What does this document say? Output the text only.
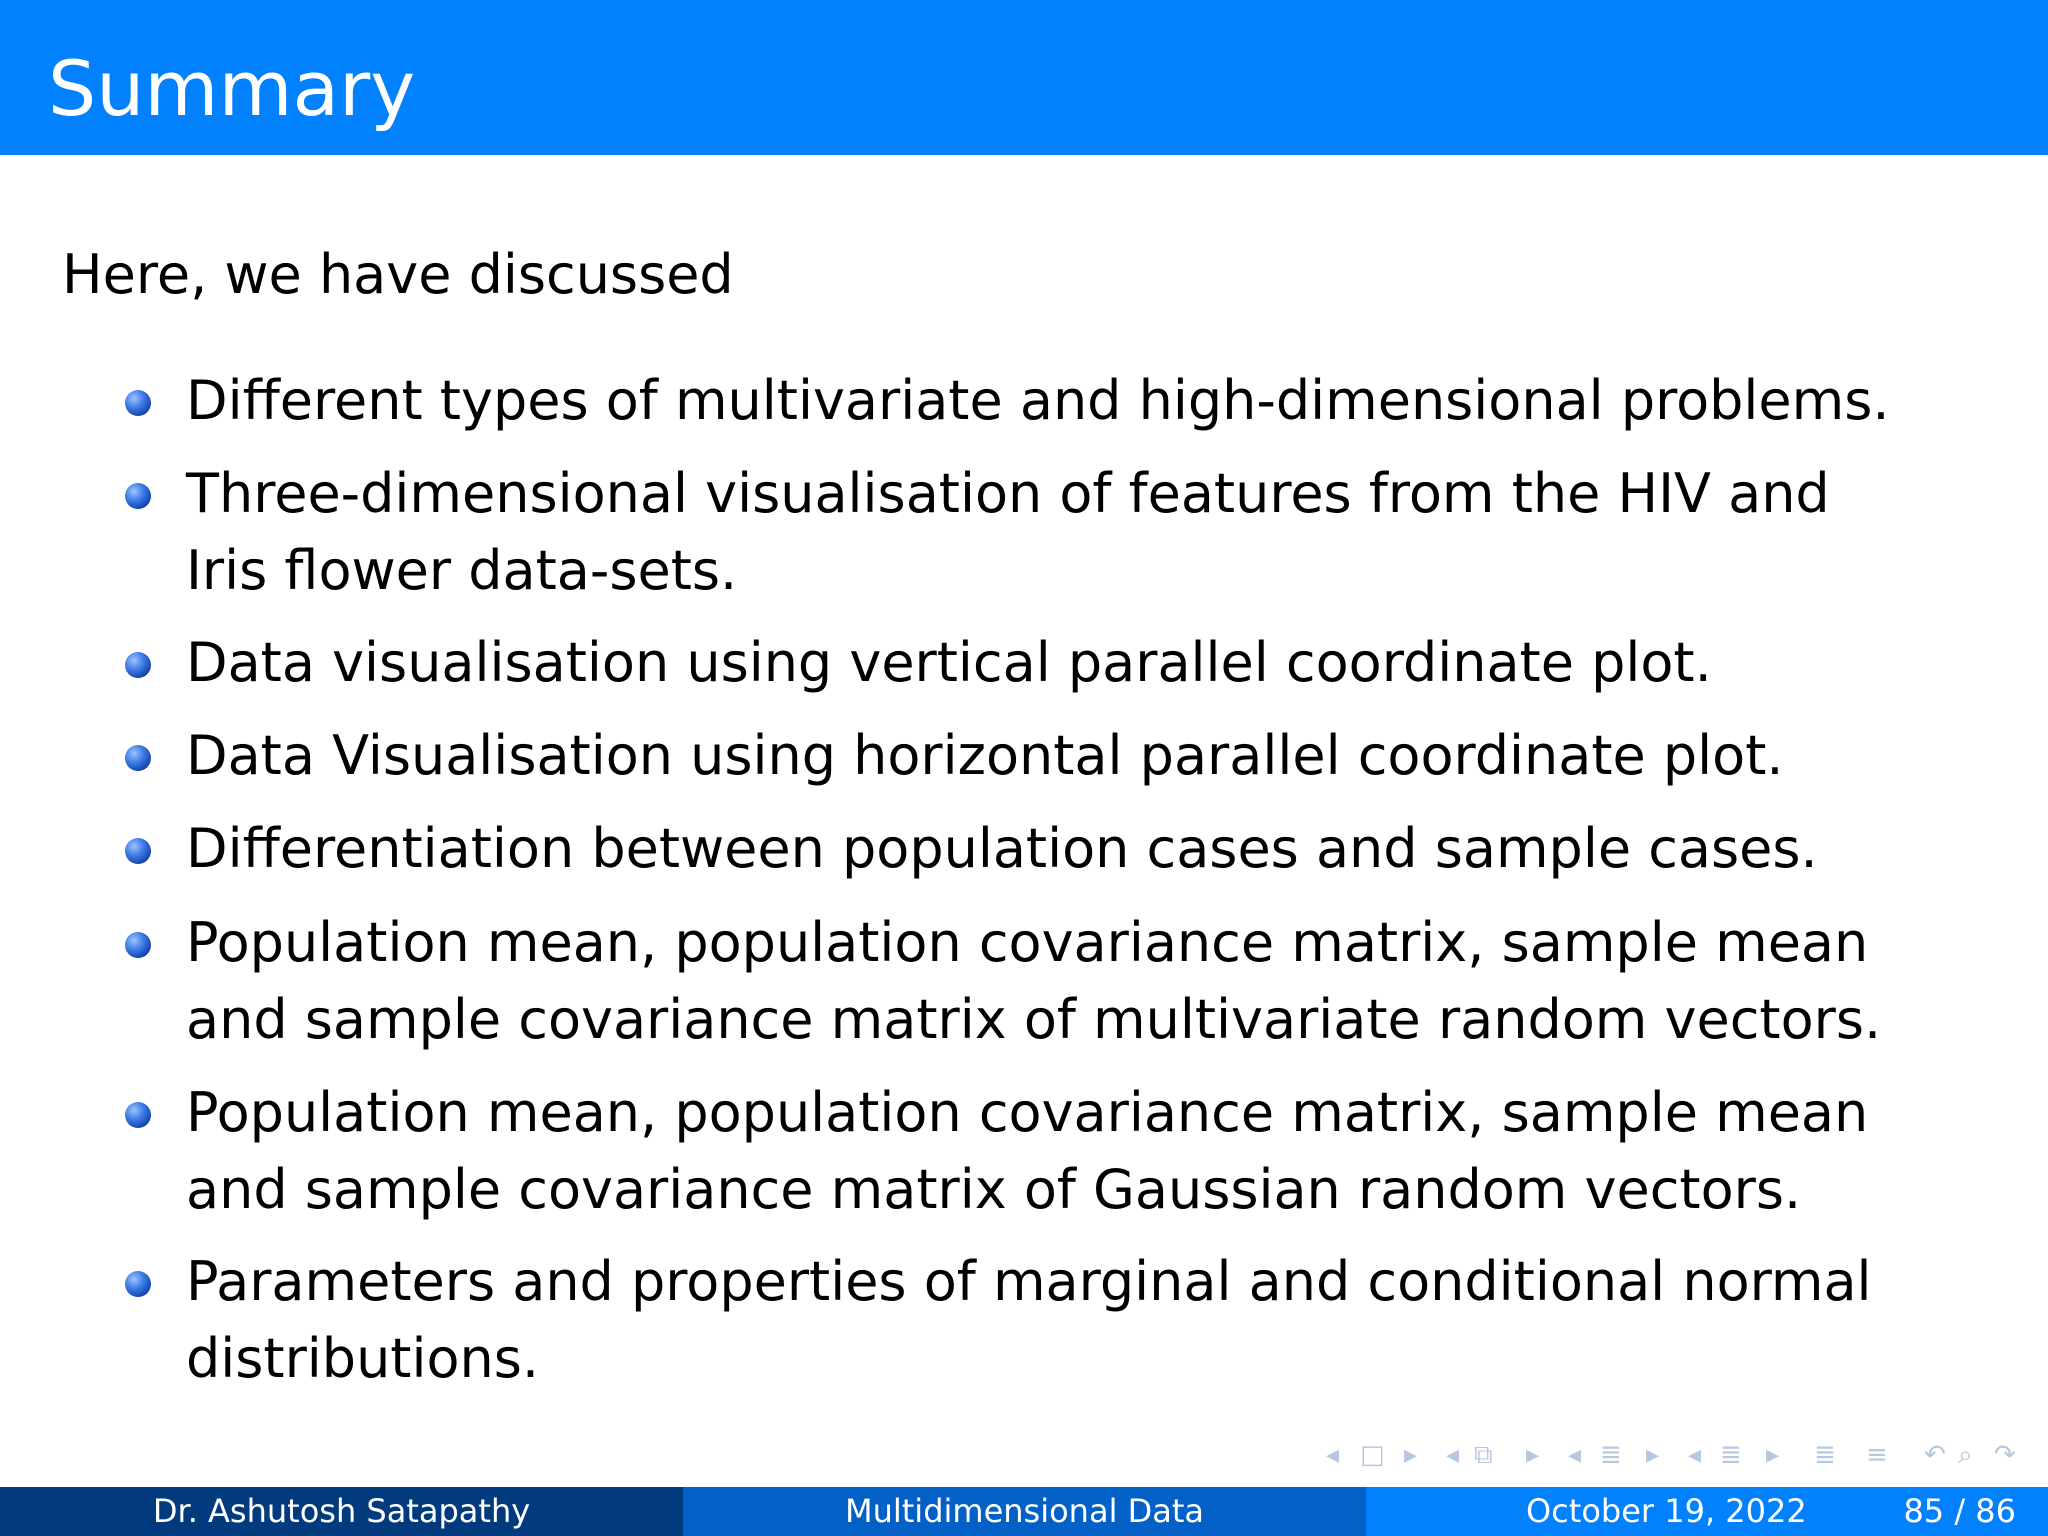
Summary
Here, we have discussed
Different types of multivariate and high-dimensional problems.
Three-dimensional visualisation of features from the HIV and Iris flower data-sets.
Data visualisation using vertical parallel coordinate plot.
Data Visualisation using horizontal parallel coordinate plot.
Differentiation between population cases and sample cases.
Population mean, population covariance matrix, sample mean and sample covariance matrix of multivariate random vectors.
Population mean, population covariance matrix, sample mean and sample covariance matrix of Gaussian random vectors.
Parameters and properties of marginal and conditional normal distributions.
◂ □ ▸ ◂ ⧉ ▸ ◂ ≣ ▸ ◂ ≣ ▸ ≣ ≡ ↶ ⌕ ↷
Dr. Ashutosh Satapathy	Multidimensional Data	October 19, 2022	85 / 86
